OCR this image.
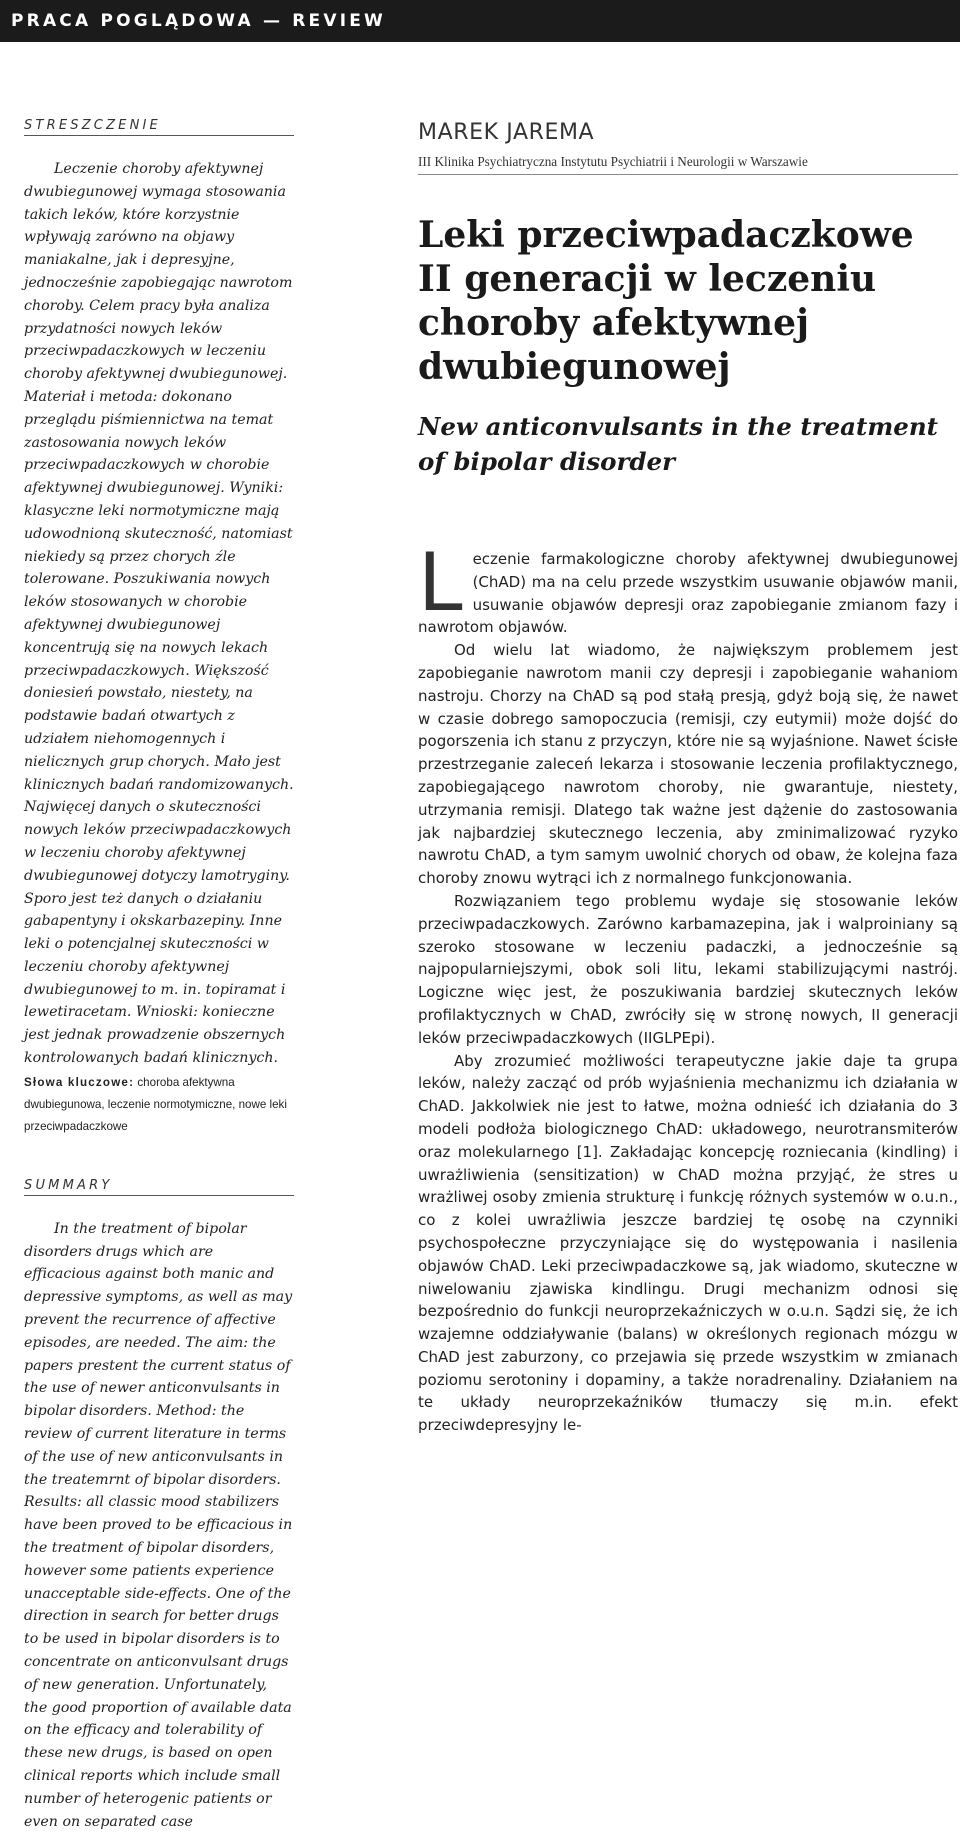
PRACA POGLĄDOWA — REVIEW
STRESZCZENIE

Leczenie choroby afektywnej dwubiegunowej wymaga stosowania takich leków, które korzystnie wpływają zarówno na objawy maniakalne, jak i depresyjne, jednocześnie zapobiegając nawrotom choroby. Celem pracy była analiza przydatności nowych leków przeciwpadaczkowych w leczeniu choroby afektywnej dwubiegunowej. Materiał i metoda: dokonano przeglądu piśmiennictwa na temat zastosowania nowych leków przeciwpadaczkowych w chorobie afektywnej dwubiegunowej. Wyniki: klasyczne leki normotymiczne mają udowodnioną skuteczność, natomiast niekiedy są przez chorych źle tolerowane. Poszukiwania nowych leków stosowanych w chorobie afektywnej dwubiegunowej koncentrują się na nowych lekach przeciwpadaczkowych. Większość doniesień powstało, niestety, na podstawie badań otwartych z udziałem niehomogennych i nielicznych grup chorych. Mało jest klinicznych badań randomizowanych. Najwięcej danych o skuteczności nowych leków przeciwpadaczkowych w leczeniu choroby afektywnej dwubiegunowej dotyczy lamotryginy. Sporo jest też danych o działaniu gabapentyny i okskarbazepiny. Inne leki o potencjalnej skuteczności w leczeniu choroby afektywnej dwubiegunowej to m. in. topiramat i lewetiracetam. Wnioski: konieczne jest jednak prowadzenie obszernych kontrolowanych badań klinicznych.

Słowa kluczowe: choroba afektywna dwubiegunowa, leczenie normotymiczne, nowe leki przeciwpadaczkowe
SUMMARY

In the treatment of bipolar disorders drugs which are efficacious against both manic and depressive symptoms, as well as may prevent the recurrence of affective episodes, are needed. The aim: the papers prestent the current status of the use of newer anticonvulsants in bipolar disorders. Method: the review of current literature in terms of the use of new anticonvulsants in the treatemrnt of bipolar disorders. Results: all classic mood stabilizers have been proved to be efficacious in the treatment of bipolar disorders, however some patients experience unacceptable side-effects. One of the direction in search for better drugs to be used in bipolar disorders is to concentrate on anticonvulsant drugs of new generation. Unfortunately, the good proportion of available data on the efficacy and tolerability of these new drugs, is based on open clinical reports which include small number of heterogenic patients or even on separated case

MAREK JAREMA
III Klinika Psychiatryczna Instytutu Psychiatrii i Neurologii w Warszawie
Leki przeciwpadaczkowe II generacji w leczeniu choroby afektywnej dwubiegunowej
New anticonvulsants in the treatment of bipolar disorder

Leczenie farmakologiczne choroby afektywnej dwubiegunowej (ChAD) ma na celu przede wszystkim usuwanie objawów manii, usuwanie objawów depresji oraz zapobieganie zmianom fazy i nawrotom objawów.

Od wielu lat wiadomo, że największym problemem jest zapobieganie nawrotom manii czy depresji i zapobieganie wahaniom nastroju. Chorzy na ChAD są pod stałą presją, gdyż boją się, że nawet w czasie dobrego samopoczucia (remisji, czy eutymii) może dojść do pogorszenia ich stanu z przyczyn, które nie są wyjaśnione. Nawet ścisłe przestrzeganie zaleceń lekarza i stosowanie leczenia profilaktycznego, zapobiegającego nawrotom choroby, nie gwarantuje, niestety, utrzymania remisji. Dlatego tak ważne jest dążenie do zastosowania jak najbardziej skutecznego leczenia, aby zminimalizować ryzyko nawrotu ChAD, a tym samym uwolnić chorych od obaw, że kolejna faza choroby znowu wytrąci ich z normalnego funkcjonowania.

Rozwiązaniem tego problemu wydaje się stosowanie leków przeciwpadaczkowych. Zarówno karbamazepina, jak i walproiniany są szeroko stosowane w leczeniu padaczki, a jednocześnie są najpopularniejszymi, obok soli litu, lekami stabilizującymi nastrój. Logiczne więc jest, że poszukiwania bardziej skutecznych leków profilaktycznych w ChAD, zwróciły się w stronę nowych, II generacji leków przeciwpadaczkowych (IIGLPEpi).

Aby zrozumieć możliwości terapeutyczne jakie daje ta grupa leków, należy zacząć od prób wyjaśnienia mechanizmu ich działania w ChAD. Jakkolwiek nie jest to łatwe, można odnieść ich działania do 3 modeli podłoża biologicznego ChAD: układowego, neurotransmiterów oraz molekularnego [1]. Zakładając koncepcję rozniecania (kindling) i uwrażliwienia (sensitization) w ChAD można przyjąć, że stres u wrażliwej osoby zmienia strukturę i funkcję różnych systemów w o.u.n., co z kolei uwrażliwia jeszcze bardziej tę osobę na czynniki psychospołeczne przyczyniające się do występowania i nasilenia objawów ChAD. Leki przeciwpadaczkowe są, jak wiadomo, skuteczne w niwelowaniu zjawiska kindlingu. Drugi mechanizm odnosi się bezpośrednio do funkcji neuroprzekaźniczych w o.u.n. Sądzi się, że ich wzajemne oddziaływanie (balans) w określonych regionach mózgu w ChAD jest zaburzony, co przejawia się przede wszystkim w zmianach poziomu serotoniny i dopaminy, a także noradrenaliny. Działaniem na te układy neuroprzekaźników tłumaczy się m.in. efekt przeciwdepresyjny le-
